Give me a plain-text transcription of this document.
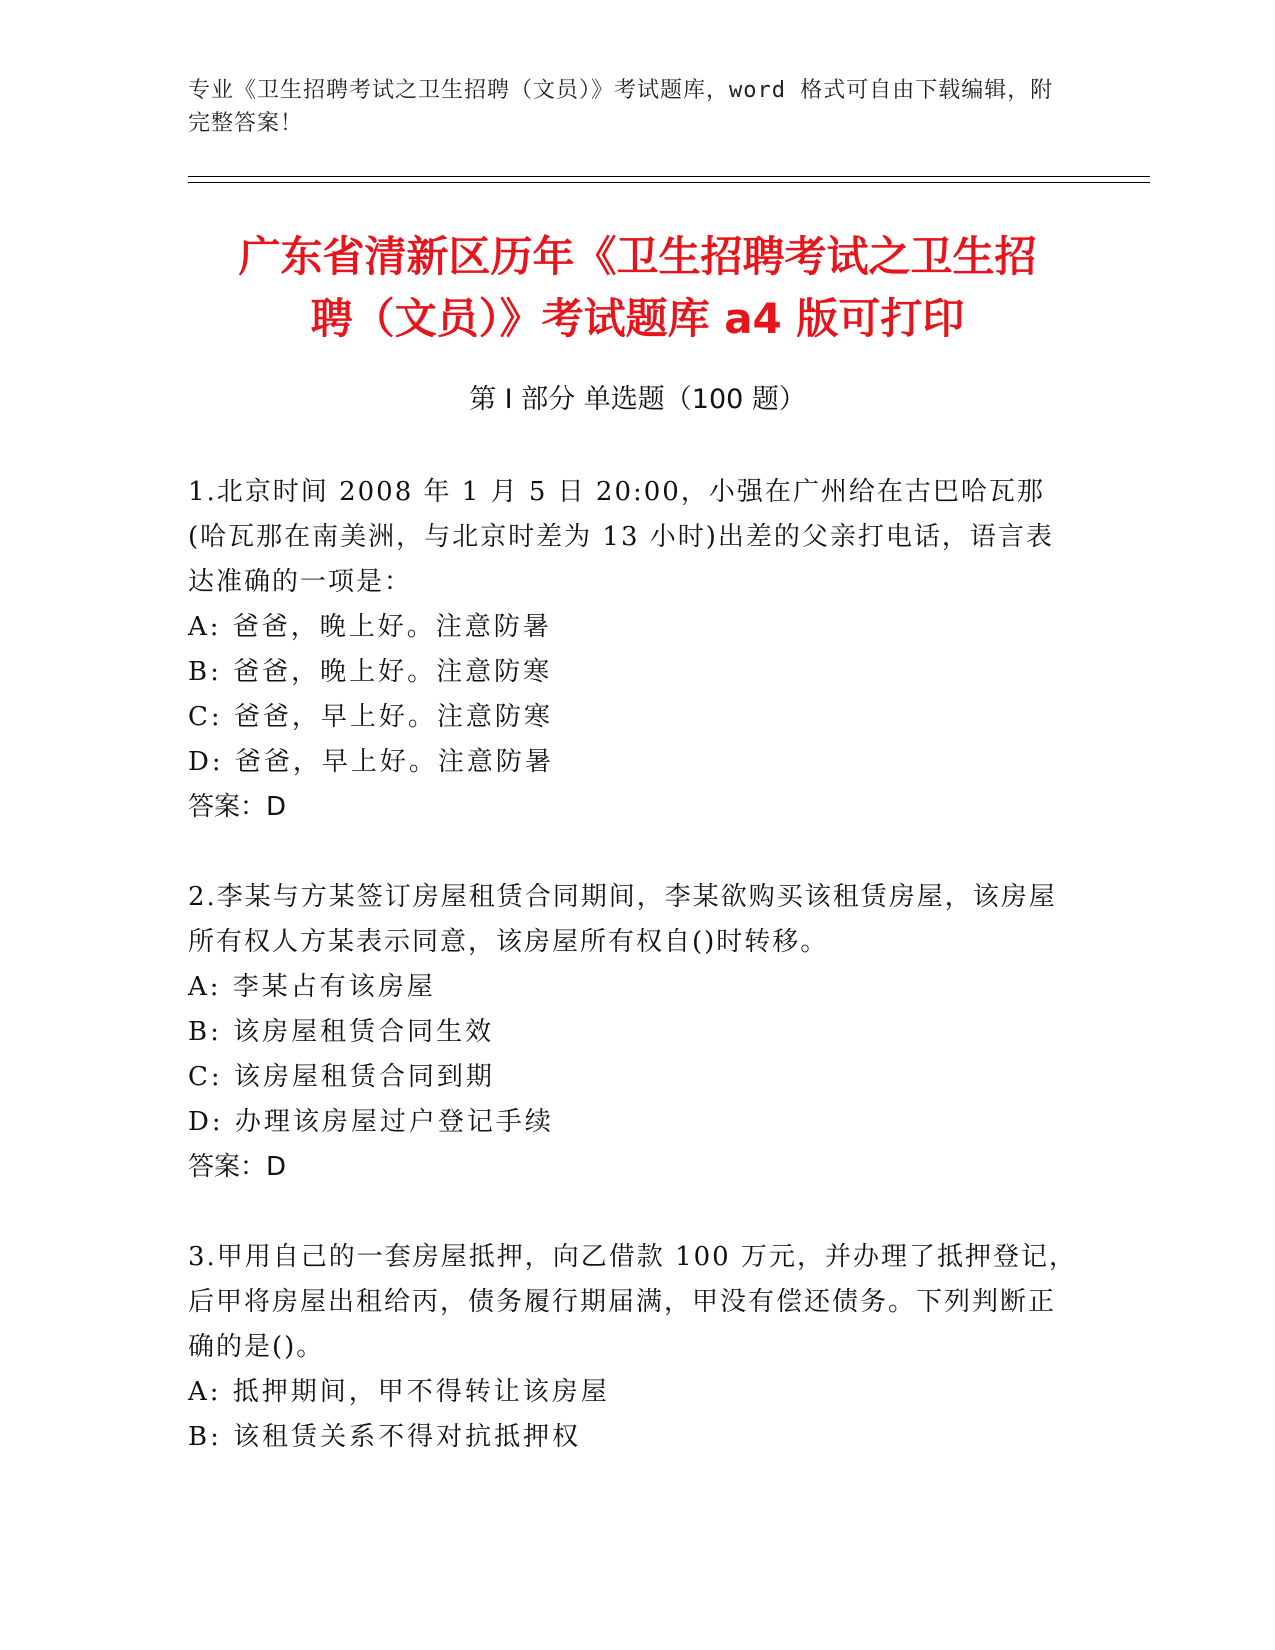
专业《卫生招聘考试之卫生招聘（文员）》考试题库，word 格式可自由下载编辑，附完整答案！
广东省清新区历年《卫生招聘考试之卫生招
聘（文员）》考试题库 a4 版可打印
第 I 部分 单选题（100 题）
1.北京时间 2008 年 1 月 5 日 20:00，小强在广州给在古巴哈瓦那(哈瓦那在南美洲，与北京时差为 13 小时)出差的父亲打电话，语言表达准确的一项是：
A: 爸爸，晚上好。注意防暑
B: 爸爸，晚上好。注意防寒
C: 爸爸，早上好。注意防寒
D: 爸爸，早上好。注意防暑
答案：D
2.李某与方某签订房屋租赁合同期间，李某欲购买该租赁房屋，该房屋所有权人方某表示同意，该房屋所有权自()时转移。
A: 李某占有该房屋
B: 该房屋租赁合同生效
C: 该房屋租赁合同到期
D: 办理该房屋过户登记手续
答案：D
3.甲用自己的一套房屋抵押，向乙借款 100 万元，并办理了抵押登记，后甲将房屋出租给丙，债务履行期届满，甲没有偿还债务。下列判断正确的是()。
A: 抵押期间，甲不得转让该房屋
B: 该租赁关系不得对抗抵押权
